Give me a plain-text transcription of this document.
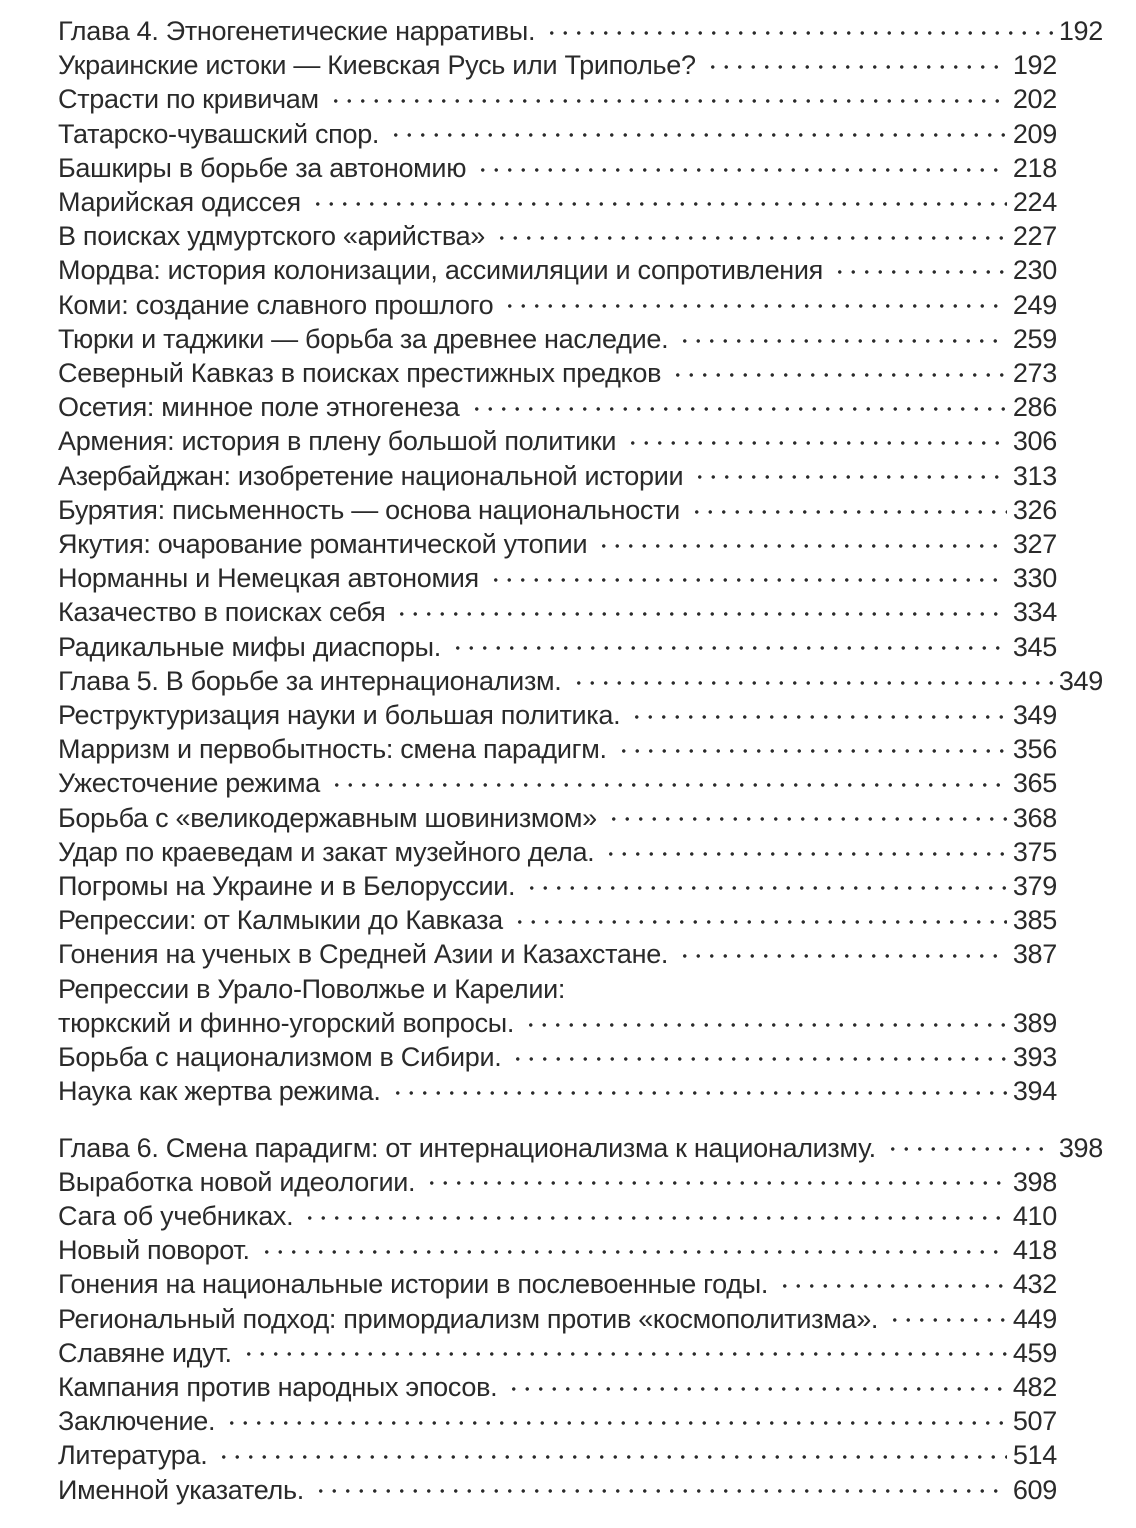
Глава 4. Этногенетические нарративы.	192
Украинские истоки — Киевская Русь или Триполье?	192
Страсти по кривичам	202
Татарско-чувашский спор.	209
Башкиры в борьбе за автономию	218
Марийская одиссея	224
В поисках удмуртского «арийства»	227
Мордва: история колонизации, ассимиляции и сопротивления	230
Коми: создание славного прошлого	249
Тюрки и таджики — борьба за древнее наследие.	259
Северный Кавказ в поисках престижных предков	273
Осетия: минное поле этногенеза	286
Армения: история в плену большой политики	306
Азербайджан: изобретение национальной истории	313
Бурятия: письменность — основа национальности	326
Якутия: очарование романтической утопии	327
Норманны и Немецкая автономия	330
Казачество в поисках себя	334
Радикальные мифы диаспоры.	345
Глава 5. В борьбе за интернационализм.	349
Реструктуризация науки и большая политика.	349
Марризм и первобытность: смена парадигм.	356
Ужесточение режима	365
Борьба с «великодержавным шовинизмом»	368
Удар по краеведам и закат музейного дела.	375
Погромы на Украине и в Белоруссии.	379
Репрессии: от Калмыкии до Кавказа	385
Гонения на ученых в Средней Азии и Казахстане.	387
Репрессии в Урало-Поволжье и Карелии:
тюркский и финно-угорский вопросы.	389
Борьба с национализмом в Сибири.	393
Наука как жертва режима.	394
Глава 6. Смена парадигм: от интернационализма к национализму.	398
Выработка новой идеологии.	398
Сага об учебниках.	410
Новый поворот.	418
Гонения на национальные истории в послевоенные годы.	432
Региональный подход: примордиализм против «космополитизма».	449
Славяне идут.	459
Кампания против народных эпосов.	482
Заключение.	507
Литература.	514
Именной указатель.	609
